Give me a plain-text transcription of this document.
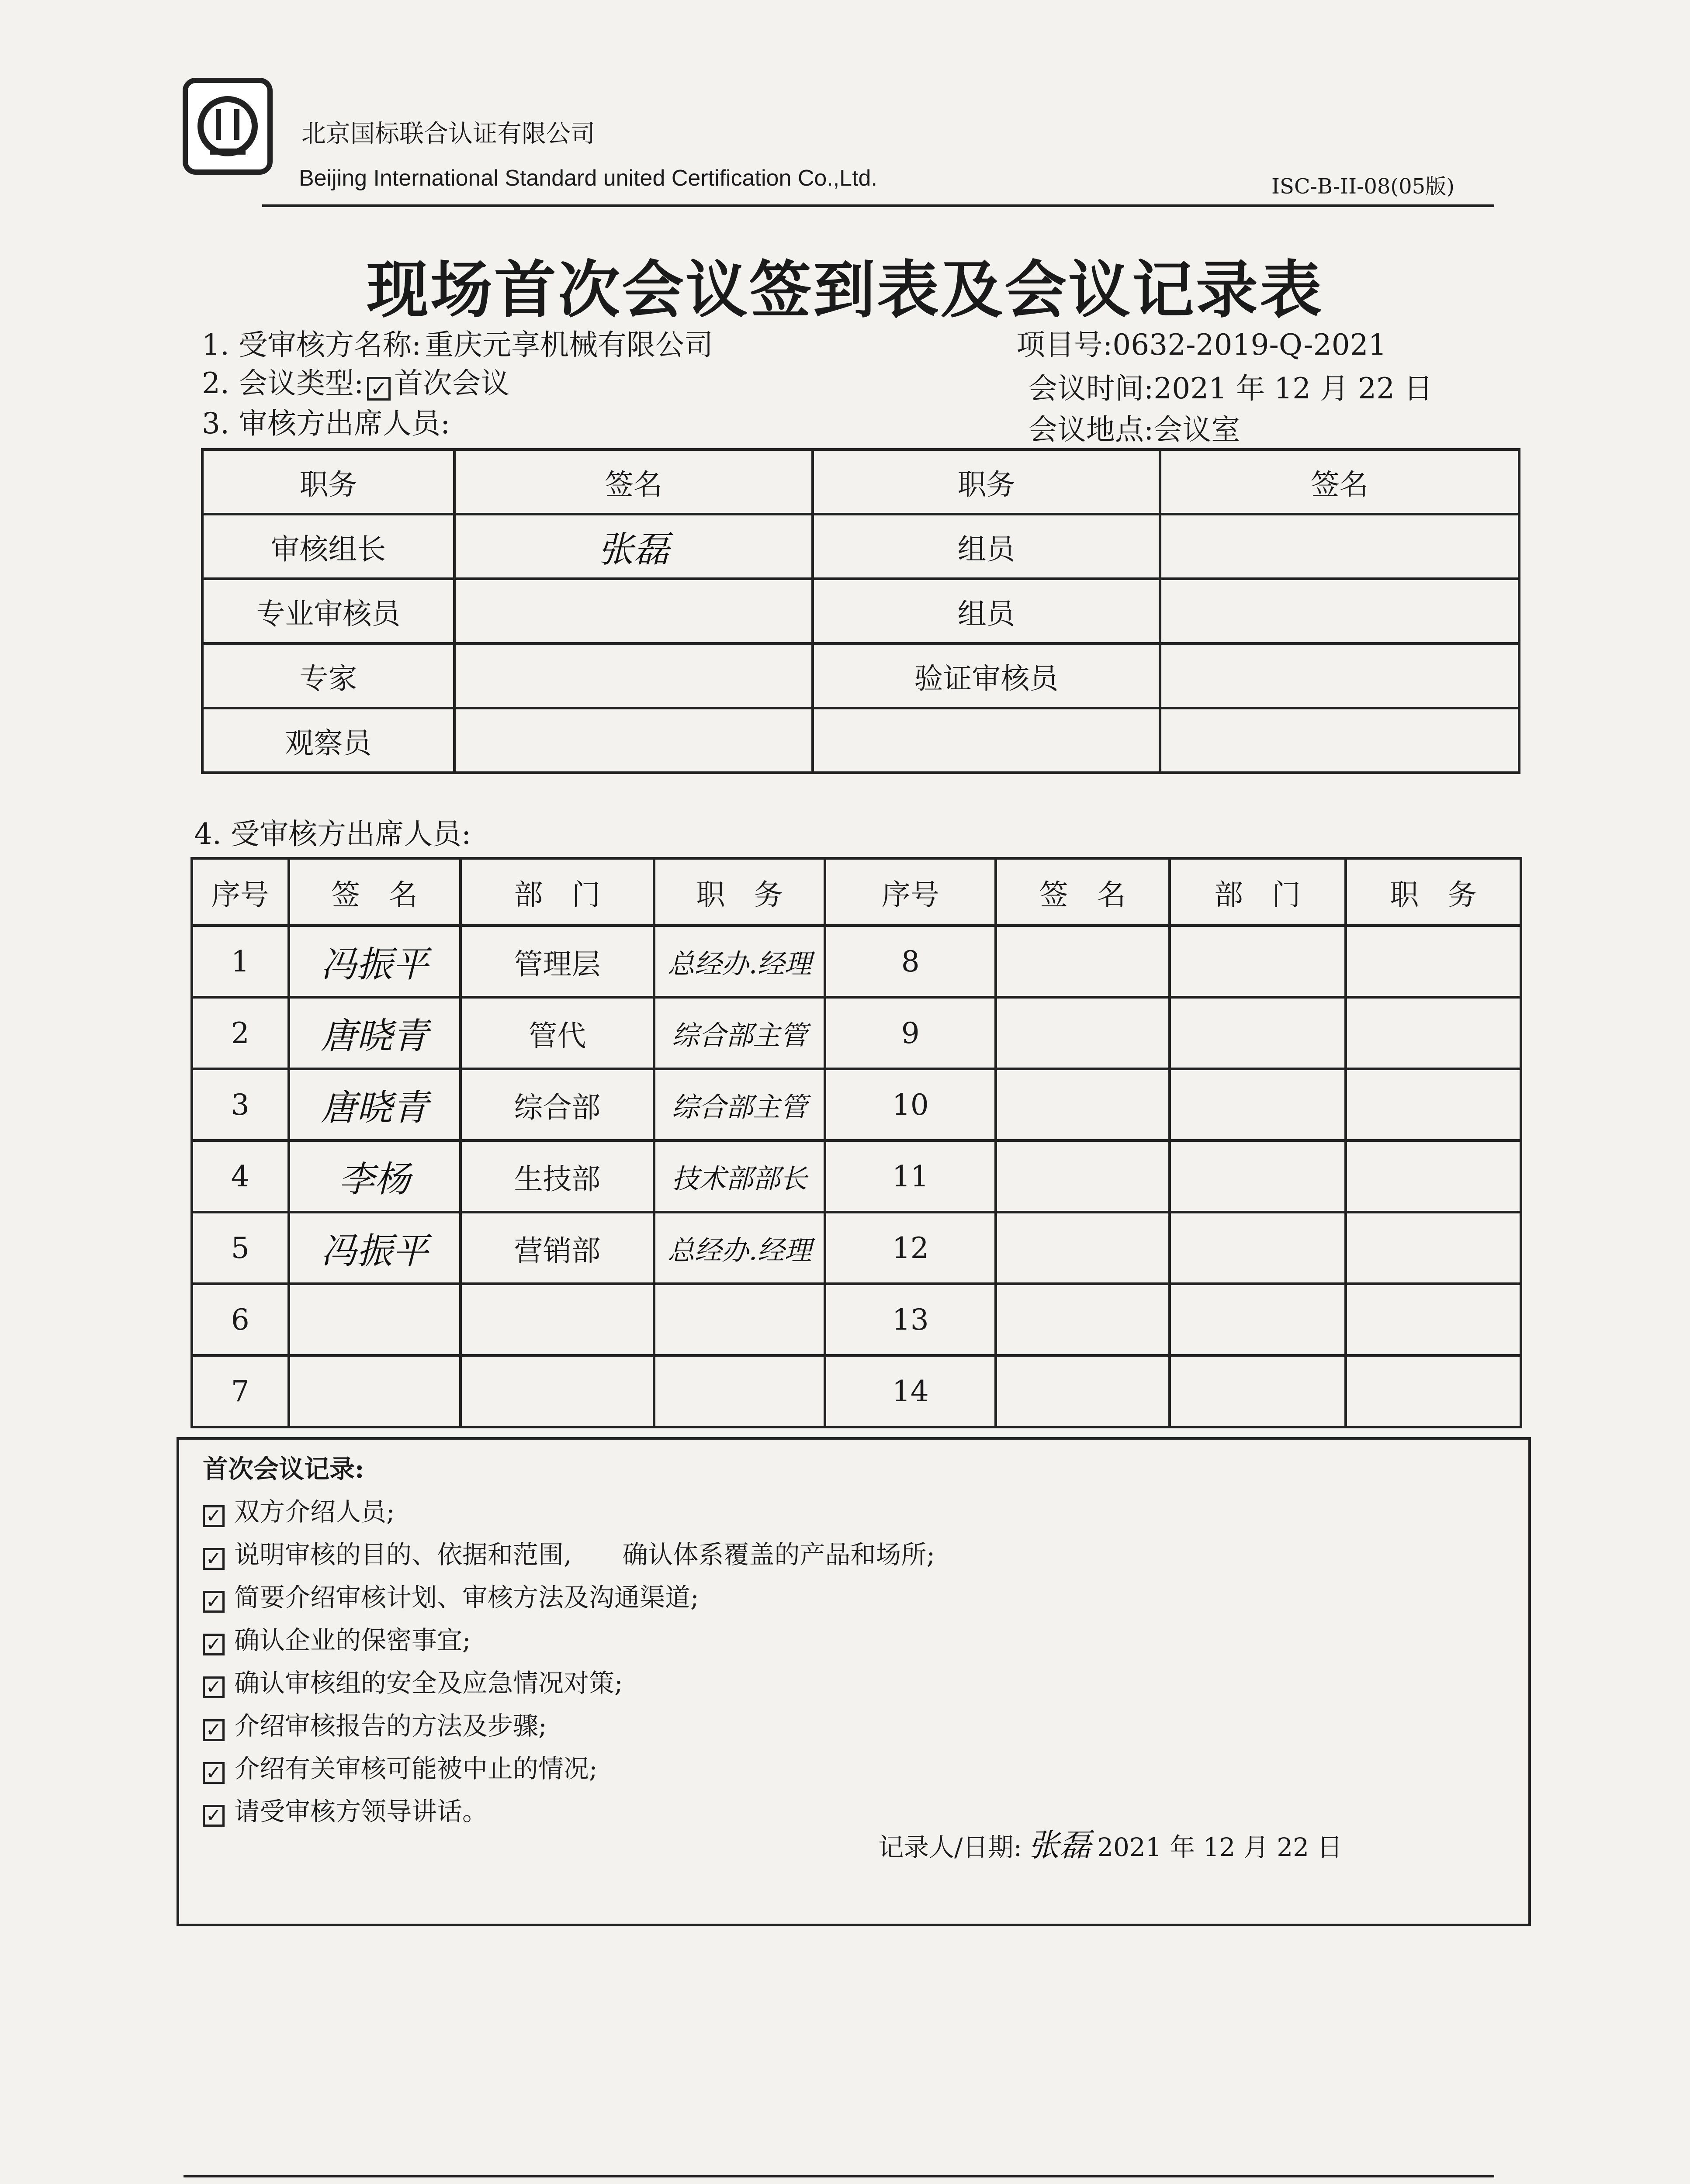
北京国标联合认证有限公司
Beijing International Standard united Certification Co.,Ltd.	ISC-B-II-08(05版)
现场首次会议签到表及会议记录表
1. 受审核方名称: 重庆元享机械有限公司	项目号:0632-2019-Q-2021
2. 会议类型: ✓ 首次会议	会议时间:2021 年 12 月 22 日
3. 审核方出席人员:	会议地点:会议室
职务	签名	职务	签名
审核组长	张磊	组员	
专业审核员		组员	
专家		验证审核员	
观察员			
4. 受审核方出席人员:
序号	签　名	部　门	职　务	序号	签　名	部　门	职　务
1	冯振平	管理层	总经办.经理	8			
2	唐晓青	管代	综合部主管	9			
3	唐晓青	综合部	综合部主管	10			
4	李杨	生技部	技术部部长	11			
5	冯振平	营销部	总经办.经理	12			
6				13			
7				14			
首次会议记录:
✓ 双方介绍人员;
✓ 说明审核的目的、依据和范围,　　确认体系覆盖的产品和场所;
✓ 简要介绍审核计划、审核方法及沟通渠道;
✓ 确认企业的保密事宜;
✓ 确认审核组的安全及应急情况对策;
✓ 介绍审核报告的方法及步骤;
✓ 介绍有关审核可能被中止的情况;
✓ 请受审核方领导讲话。
记录人/日期: 张磊 2021 年 12 月 22 日
